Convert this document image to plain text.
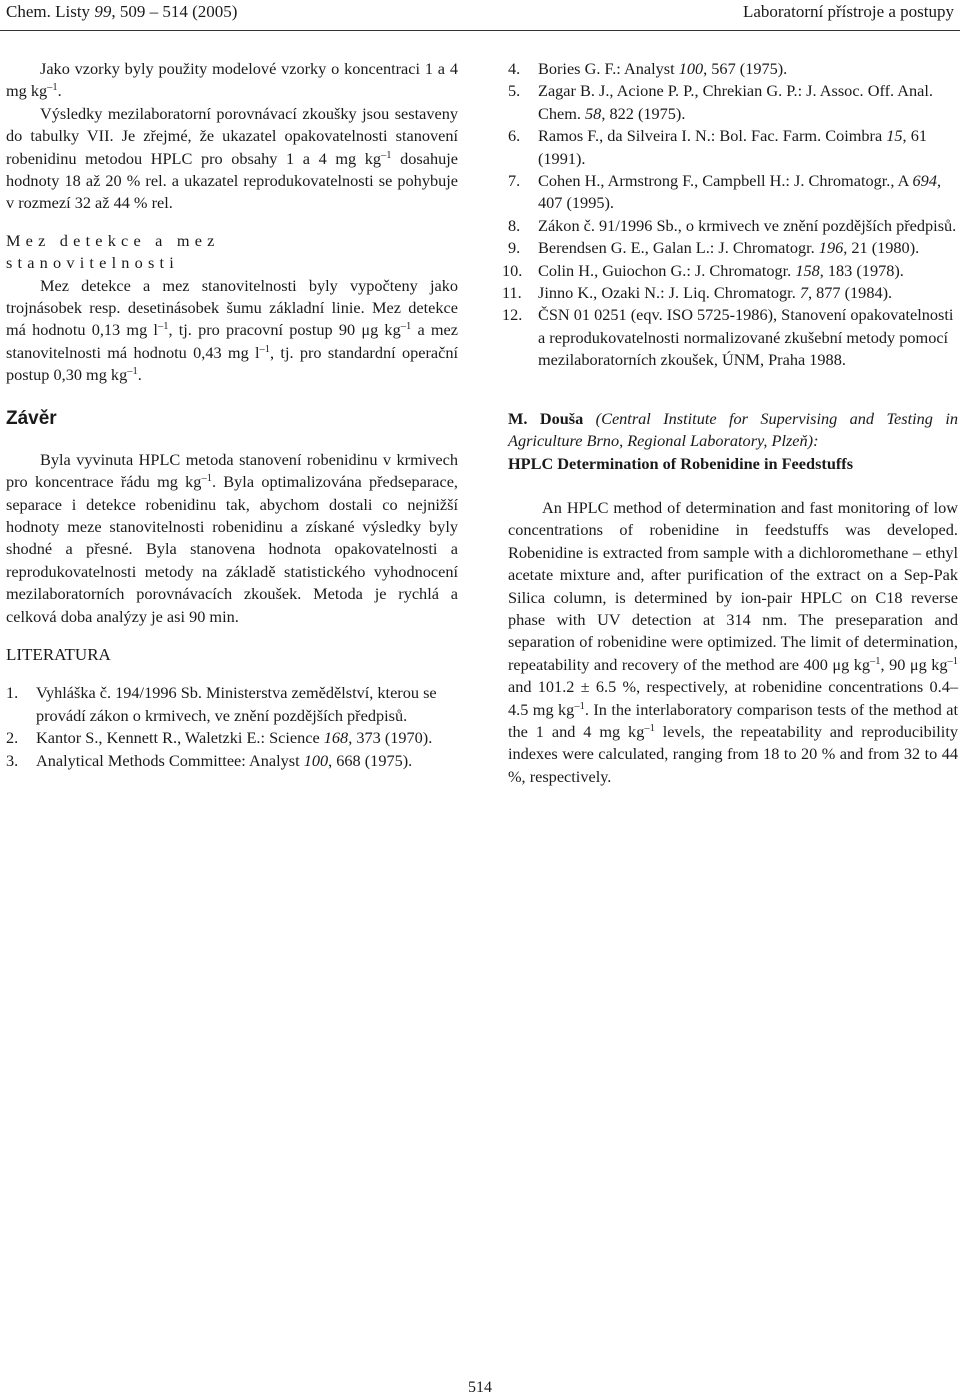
Chem. Listy 99, 509 – 514 (2005)	Laboratorní přístroje a postupy

Jako vzorky byly použity modelové vzorky o koncentraci 1 a 4 mg $kg^{-1}$.

Výsledky mezilaboratorní porovnávací zkoušky jsou sestaveny do tabulky VII. Je zřejmé, že ukazatel opakovatelnosti stanovení robenidinu metodou HPLC pro obsahy 1 a 4 mg $kg^{-1}$ dosahuje hodnoty 18 až 20 % rel. a ukazatel reprodukovatelnosti se pohybuje v rozmezí 32 až 44 % rel.

Mez detekce a mez stanovitelnosti

Mez detekce a mez stanovitelnosti byly vypočteny jako trojnásobek resp. desetinásobek šumu základní linie. Mez detekce má hodnotu 0,13 mg $l^{-1}$, tj. pro pracovní postup 90 μg $kg^{-1}$ a mez stanovitelnosti má hodnotu 0,43 mg $l^{-1}$, tj. pro standardní operační postup 0,30 mg $kg^{-1}$.

Závěr

Byla vyvinuta HPLC metoda stanovení robenidinu v krmivech pro koncentrace řádu mg $kg^{-1}$. Byla optimalizována předseparace, separace i detekce robenidinu tak, abychom dostali co nejnižší hodnoty meze stanovitelnosti robenidinu a získané výsledky byly shodné a přesné. Byla stanovena hodnota opakovatelnosti a reprodukovatelnosti metody na základě statistického vyhodnocení mezilaboratorních porovnávacích zkoušek. Metoda je rychlá a celková doba analýzy je asi 90 min.

LITERATURA

1. Vyhláška č. 194/1996 Sb. Ministerstva zemědělství, kterou se provádí zákon o krmivech, ve znění pozdějších předpisů.
2. Kantor S., Kennett R., Waletzki E.: Science 168, 373 (1970).
3. Analytical Methods Committee: Analyst 100, 668 (1975).
4. Bories G. F.: Analyst 100, 567 (1975).
5. Zagar B. J., Acione P. P., Chrekian G. P.: J. Assoc. Off. Anal. Chem. 58, 822 (1975).
6. Ramos F., da Silveira I. N.: Bol. Fac. Farm. Coimbra 15, 61 (1991).
7. Cohen H., Armstrong F., Campbell H.: J. Chromatogr., A 694, 407 (1995).
8. Zákon č. 91/1996 Sb., o krmivech ve znění pozdějších předpisů.
9. Berendsen G. E., Galan L.: J. Chromatogr. 196, 21 (1980).
10. Colin H., Guiochon G.: J. Chromatogr. 158, 183 (1978).
11. Jinno K., Ozaki N.: J. Liq. Chromatogr. 7, 877 (1984).
12. ČSN 01 0251 (eqv. ISO 5725-1986), Stanovení opakovatelnosti a reprodukovatelnosti normalizované zkušební metody pomocí mezilaboratorních zkoušek, ÚNM, Praha 1988.

M. Douša (Central Institute for Supervising and Testing in Agriculture Brno, Regional Laboratory, Plzeň):

HPLC Determination of Robenidine in Feedstuffs

An HPLC method of determination and fast monitoring of low concentrations of robenidine in feedstuffs was developed. Robenidine is extracted from sample with a dichloromethane – ethyl acetate mixture and, after purification of the extract on a Sep-Pak Silica column, is determined by ion-pair HPLC on C18 reverse phase with UV detection at 314 nm. The preseparation and separation of robenidine were optimized. The limit of determination, repeatability and recovery of the method are 400 μg $kg^{-1}$, 90 μg $kg^{-1}$ and 101.2 ± 6.5 %, respectively, at robenidine concentrations 0.4–4.5 mg $kg^{-1}$. In the interlaboratory comparison tests of the method at the 1 and 4 mg $kg^{-1}$ levels, the repeatability and reproducibility indexes were calculated, ranging from 18 to 20 % and from 32 to 44 %, respectively.

514
